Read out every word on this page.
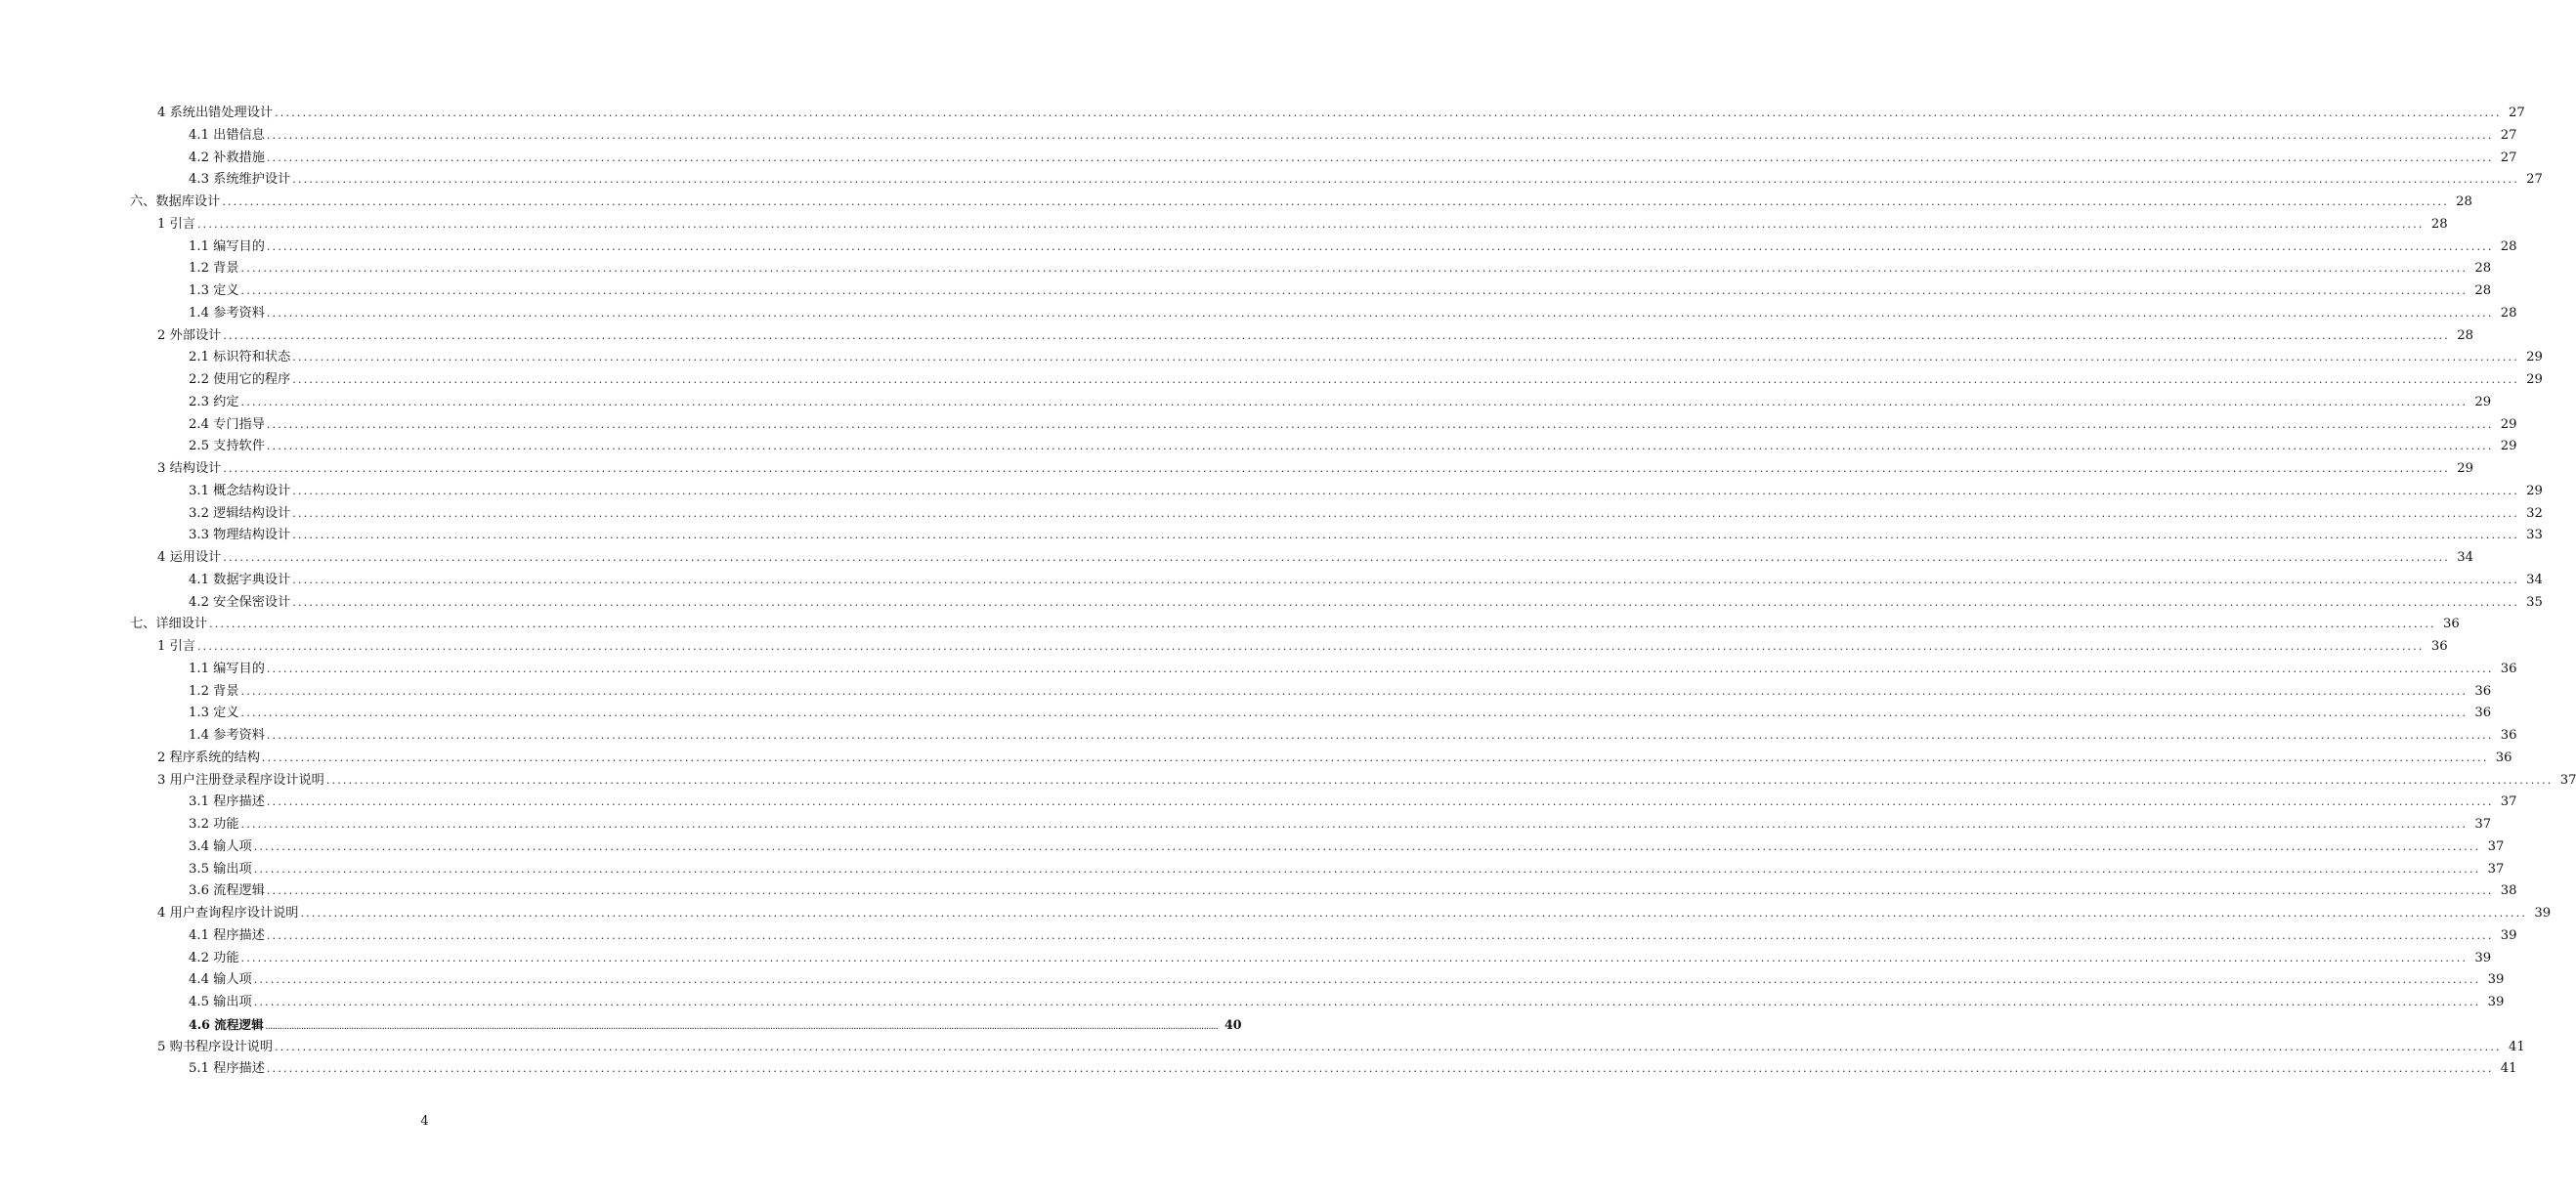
4 系统出错处理设计 ................................................................................................................................................................................................................................................................................................................................................................................................................ 27
4.1 出错信息 ................................................................................................................................................................................................................................................................................................................................................................................................................ 27
4.2 补救措施 ................................................................................................................................................................................................................................................................................................................................................................................................................ 27
4.3 系统维护设计 ................................................................................................................................................................................................................................................................................................................................................................................................................ 27
六、数据库设计 ................................................................................................................................................................................................................................................................................................................................................................................................................ 28
1 引言 ................................................................................................................................................................................................................................................................................................................................................................................................................ 28
1.1 编写目的 ................................................................................................................................................................................................................................................................................................................................................................................................................ 28
1.2 背景 ................................................................................................................................................................................................................................................................................................................................................................................................................ 28
1.3 定义 ................................................................................................................................................................................................................................................................................................................................................................................................................ 28
1.4 参考资料 ................................................................................................................................................................................................................................................................................................................................................................................................................ 28
2 外部设计 ................................................................................................................................................................................................................................................................................................................................................................................................................ 28
2.1 标识符和状态 ................................................................................................................................................................................................................................................................................................................................................................................................................ 29
2.2 使用它的程序 ................................................................................................................................................................................................................................................................................................................................................................................................................ 29
2.3 约定 ................................................................................................................................................................................................................................................................................................................................................................................................................ 29
2.4 专门指导 ................................................................................................................................................................................................................................................................................................................................................................................................................ 29
2.5 支持软件 ................................................................................................................................................................................................................................................................................................................................................................................................................ 29
3 结构设计 ................................................................................................................................................................................................................................................................................................................................................................................................................ 29
3.1 概念结构设计 ................................................................................................................................................................................................................................................................................................................................................................................................................ 29
3.2 逻辑结构设计 ................................................................................................................................................................................................................................................................................................................................................................................................................ 32
3.3 物理结构设计 ................................................................................................................................................................................................................................................................................................................................................................................................................ 33
4 运用设计 ................................................................................................................................................................................................................................................................................................................................................................................................................ 34
4.1 数据字典设计 ................................................................................................................................................................................................................................................................................................................................................................................................................ 34
4.2 安全保密设计 ................................................................................................................................................................................................................................................................................................................................................................................................................ 35
七、详细设计 ................................................................................................................................................................................................................................................................................................................................................................................................................ 36
1 引言 ................................................................................................................................................................................................................................................................................................................................................................................................................ 36
1.1 编写目的 ................................................................................................................................................................................................................................................................................................................................................................................................................ 36
1.2 背景 ................................................................................................................................................................................................................................................................................................................................................................................................................ 36
1.3 定义 ................................................................................................................................................................................................................................................................................................................................................................................................................ 36
1.4 参考资料 ................................................................................................................................................................................................................................................................................................................................................................................................................ 36
2 程序系统的结构 ................................................................................................................................................................................................................................................................................................................................................................................................................ 36
3 用户注册登录程序设计说明 ................................................................................................................................................................................................................................................................................................................................................................................................................ 37
3.1 程序描述 ................................................................................................................................................................................................................................................................................................................................................................................................................ 37
3.2 功能 ................................................................................................................................................................................................................................................................................................................................................................................................................ 37
3.4 输人项 ................................................................................................................................................................................................................................................................................................................................................................................................................ 37
3.5 输出项 ................................................................................................................................................................................................................................................................................................................................................................................................................ 37
3.6 流程逻辑 ................................................................................................................................................................................................................................................................................................................................................................................................................ 38
4 用户查询程序设计说明 ................................................................................................................................................................................................................................................................................................................................................................................................................ 39
4.1 程序描述 ................................................................................................................................................................................................................................................................................................................................................................................................................ 39
4.2 功能 ................................................................................................................................................................................................................................................................................................................................................................................................................ 39
4.4 输人项 ................................................................................................................................................................................................................................................................................................................................................................................................................ 39
4.5 输出项 ................................................................................................................................................................................................................................................................................................................................................................................................................ 39
4.6 流程逻辑 ................................................................................................................................................................................................................................................................................................................................................................................................................ 40
5 购书程序设计说明 ................................................................................................................................................................................................................................................................................................................................................................................................................ 41
5.1 程序描述 ................................................................................................................................................................................................................................................................................................................................................................................................................ 41
4
